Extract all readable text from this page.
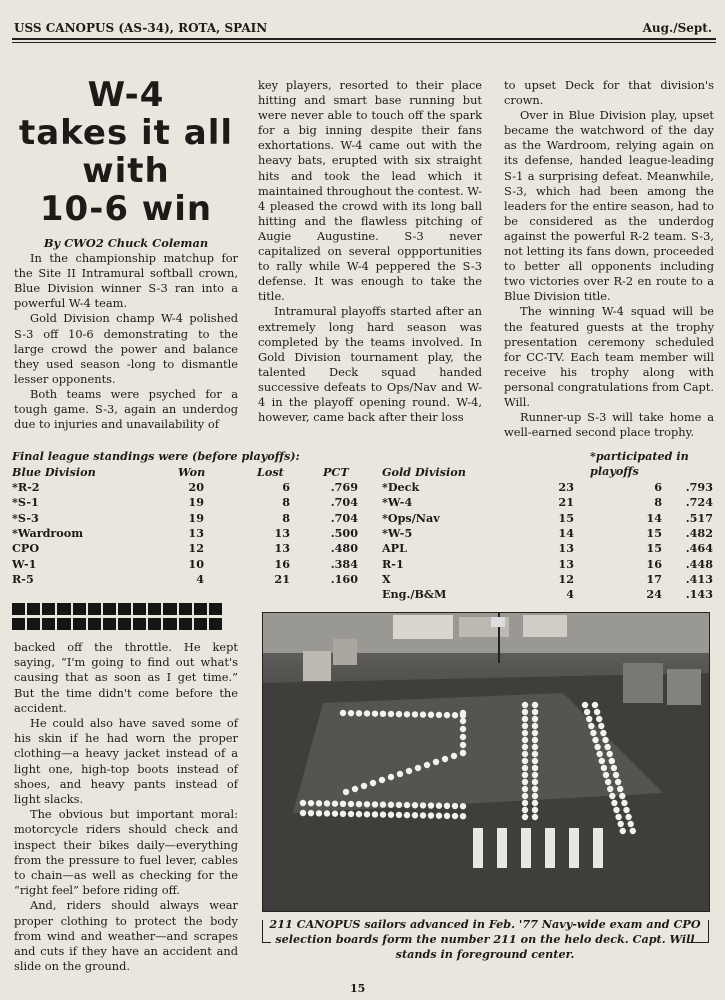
USS CANOPUS (AS-34), ROTA, SPAIN	Aug./Sept.
W-4
takes it all
with
10-6 win

By CWO2 Chuck Coleman

In the championship matchup for the Site II Intramural softball crown, Blue Division winner S-3 ran into a powerful W-4 team.

Gold Division champ W-4 polished S-3 off 10-6 demonstrating to the large crowd the power and balance they used season -long to dismantle lesser opponents.

Both teams were psyched for a tough game. S-3, again an underdog due to injuries and unavailability of

key players, resorted to their place hitting and smart base running but were never able to touch off the spark for a big inning despite their fans exhortations. W-4 came out with the heavy bats, erupted with six straight hits and took the lead which it maintained throughout the contest. W-4 pleased the crowd with its long ball hitting and the flawless pitching of Augie Augustine. S-3 never capitalized on several oppportunities to rally while W-4 peppered the S-3 defense. It was enough to take the title.

Intramural playoffs started after an extremely long hard season was completed by the teams involved. In Gold Division tournament play, the talented Deck squad handed successive defeats to Ops/Nav and W-4 in the playoff opening round. W-4, however, came back after their loss

to upset Deck for that division's crown.

Over in Blue Division play, upset became the watchword of the day as the Wardroom, relying again on its defense, handed league-leading S-1 a surprising defeat. Meanwhile, S-3, which had been among the leaders for the entire season, had to be considered as the underdog against the powerful R-2 team. S-3, not letting its fans down, proceeded to better all opponents including two victories over R-2 en route to a Blue Division title.

The winning W-4 squad will be the featured guests at the trophy presentation ceremony scheduled for CC-TV. Each team member will receive his trophy along with personal congratulations from Capt. Will.

Runner-up S-3 will take home a well-earned second place trophy.

Final league standings were (before playoffs):	*participated in playoffs
Blue Division	Won	Lost	PCT	Gold Division
*R-2	20	6	.769
*S-1	19	8	.704
*S-3	19	8	.704
*Wardroom	13	13	.500
CPO	12	13	.480
W-1	10	16	.384
R-5	4	21	.160
*Deck	23	6	.793
*W-4	21	8	.724
*Ops/Nav	15	14	.517
*W-5	14	15	.482
APL	13	15	.464
R-1	13	16	.448
X	12	17	.413
Eng./B&M	4	24	.143

backed off the throttle. He kept saying, “I'm going to find out what's causing that as soon as I get time.” But the time didn't come before the accident.

He could also have saved some of his skin if he had worn the proper clothing—a heavy jacket instead of a light one, high-top boots instead of shoes, and heavy pants instead of light slacks.

The obvious but important moral: motorcycle riders should check and inspect their bikes daily—everything from the pressure to fuel lever, cables to chain—as well as checking for the “right feel” before riding off.

And, riders should always wear proper clothing to protect the body from wind and weather—and scrapes and cuts if they have an accident and slide on the ground.

211 CANOPUS sailors advanced in Feb. '77 Navy-wide exam and CPO selection boards form the number 211 on the helo deck. Capt. Will stands in foreground center.
15
